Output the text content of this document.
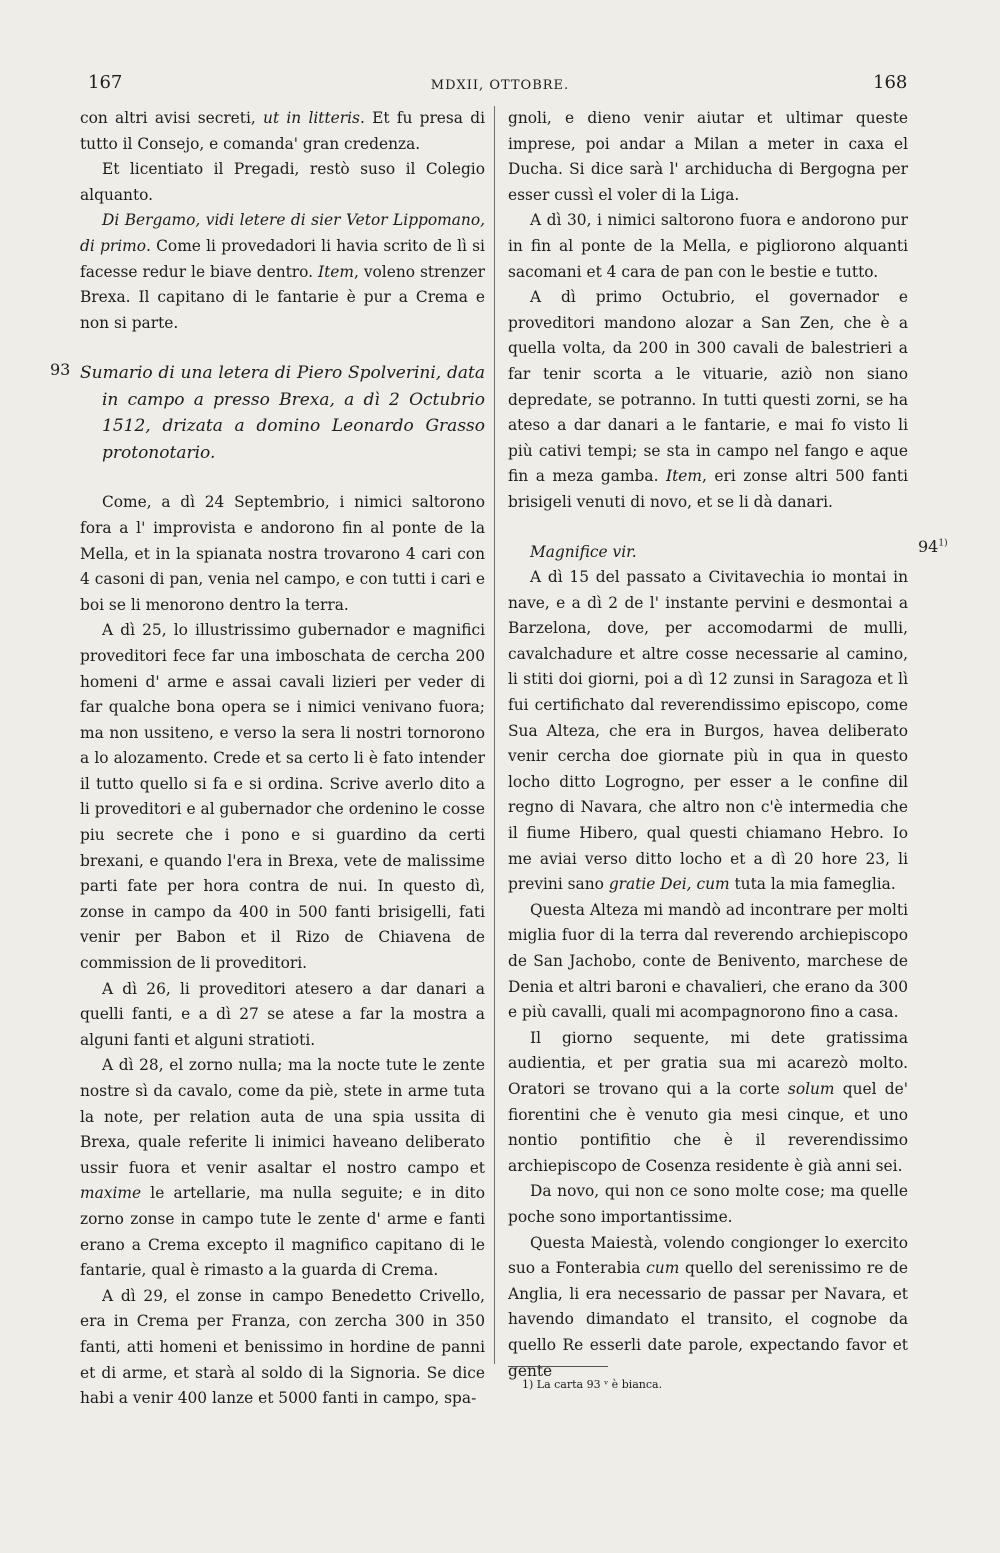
167	MDXII, OTTOBRE.	168
93
94$^{1)}$

con altri avisi secreti, ut in litteris. Et fu presa di tutto il Consejo, e comanda' gran credenza.

Et licentiato il Pregadi, restò suso il Colegio alquanto.

Di Bergamo, vidi letere di sier Vetor Lippomano, di primo. Come li provedadori li havia scrito de lì si facesse redur le biave dentro. Item, voleno strenzer Brexa. Il capitano di le fantarie è pur a Crema e non si parte.

Sumario di una letera di Piero Spolverini, data in campo a presso Brexa, a dì 2 Octubrio 1512, drizata a domino Leonardo Grasso protonotario.

Come, a dì 24 Septembrio, i nimici saltorono fora a l' improvista e andorono fin al ponte de la Mella, et in la spianata nostra trovarono 4 cari con 4 casoni di pan, venia nel campo, e con tutti i cari e boi se li menorono dentro la terra.

A dì 25, lo illustrissimo gubernador e magnifici proveditori fece far una imboschata de cercha 200 homeni d' arme e assai cavali lizieri per veder di far qualche bona opera se i nimici venivano fuora; ma non ussiteno, e verso la sera li nostri tornorono a lo alozamento. Crede et sa certo li è fato intender il tutto quello si fa e si ordina. Scrive averlo dito a li proveditori e al gubernador che ordenino le cosse piu secrete che i pono e si guardino da certi brexani, e quando l'era in Brexa, vete de malissime parti fate per hora contra de nui. In questo dì, zonse in campo da 400 in 500 fanti brisigelli, fati venir per Babon et il Rizo de Chiavena de commission de li proveditori.

A dì 26, li proveditori atesero a dar danari a quelli fanti, e a dì 27 se atese a far la mostra a alguni fanti et alguni stratioti.

A dì 28, el zorno nulla; ma la nocte tute le zente nostre sì da cavalo, come da piè, stete in arme tuta la note, per relation auta de una spia ussita di Brexa, quale referite li inimici haveano deliberato ussir fuora et venir asaltar el nostro campo et maxime le artellarie, ma nulla seguite; e in dito zorno zonse in campo tute le zente d' arme e fanti erano a Crema excepto il magnifico capitano di le fantarie, qual è rimasto a la guarda di Crema.

A dì 29, el zonse in campo Benedetto Crivello, era in Crema per Franza, con zercha 300 in 350 fanti, atti homeni et benissimo in hordine de panni et di arme, et starà al soldo di la Signoria. Se dice habi a venir 400 lanze et 5000 fanti in campo, spa-

gnoli, e dieno venir aiutar et ultimar queste imprese, poi andar a Milan a meter in caxa el Ducha. Si dice sarà l' archiducha di Bergogna per esser cussì el voler di la Liga.

A dì 30, i nimici saltorono fuora e andorono pur in fin al ponte de la Mella, e pigliorono alquanti sacomani et 4 cara de pan con le bestie e tutto.

A dì primo Octubrio, el governador e proveditori mandono alozar a San Zen, che è a quella volta, da 200 in 300 cavali de balestrieri a far tenir scorta a le vituarie, aziò non siano depredate, se potranno. In tutti questi zorni, se ha ateso a dar danari a le fantarie, e mai fo visto li più cativi tempi; se sta in campo nel fango e aque fin a meza gamba. Item, eri zonse altri 500 fanti brisigeli venuti di novo, et se li dà danari.

Magnifice vir.

A dì 15 del passato a Civitavechia io montai in nave, e a dì 2 de l' instante pervini e desmontai a Barzelona, dove, per accomodarmi de mulli, cavalchadure et altre cosse necessarie al camino, li stiti doi giorni, poi a dì 12 zunsi in Saragoza et lì fui certifichato dal reverendissimo episcopo, come Sua Alteza, che era in Burgos, havea deliberato venir cercha doe giornate più in qua in questo locho ditto Logrogno, per esser a le confine dil regno di Navara, che altro non c'è intermedia che il fiume Hibero, qual questi chiamano Hebro. Io me aviai verso ditto locho et a dì 20 hore 23, li previni sano gratie Dei, cum tuta la mia fameglia.

Questa Alteza mi mandò ad incontrare per molti miglia fuor di la terra dal reverendo archiepiscopo de San Jachobo, conte de Benivento, marchese de Denia et altri baroni e chavalieri, che erano da 300 e più cavalli, quali mi acompagnorono fino a casa.

Il giorno sequente, mi dete gratissima audientia, et per gratia sua mi acarezò molto. Oratori se trovano qui a la corte solum quel de' fiorentini che è venuto gia mesi cinque, et uno nontio pontifitio che è il reverendissimo archiepiscopo de Cosenza residente è già anni sei.

Da novo, qui non ce sono molte cose; ma quelle poche sono importantissime.

Questa Maiestà, volendo congionger lo exercito suo a Fonterabia cum quello del serenissimo re de Anglia, li era necessario de passar per Navara, et havendo dimandato el transito, el cognobe da quello Re esserli date parole, expectando favor et gente

1) La carta 93 ᵛ è bianca.
